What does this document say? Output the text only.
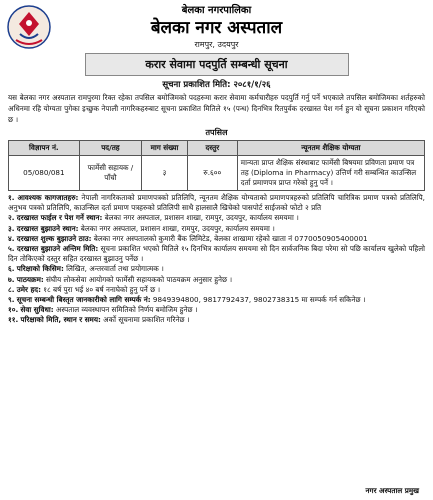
बेलका नगरपालिका
बेलका नगर अस्पताल
रामपुर, उदयपुर
करार सेवामा पदपुर्ति सम्बन्धी सूचना
सूचना प्रकाशित मिति: २०८१/१/२६

यस बेलका नगर अस्पताल रामपुरमा रिक्त रहेका तपसिल बमोजिमको पदहरुमा करार सेवामा कर्मचारीहरु पदपुर्ति गर्नु पर्ने भएकाले तपसिल बमोजिमका शर्तहरुको अधिनमा रहि योग्यता पुगेका इच्छुक नेपाली नागरिकहरुबाट सूचना प्रकाशित मितिले १५ (पन्ध) दिनभित्र रितपुर्वक दरखास्त पेश गर्न हुन यो सूचना प्रकाशन गरिएको छ ।

तपसिल
विज्ञापन नं.	पद/तह	माग संख्या	दस्तुर	न्यूनतम शैक्षिक योग्यता
05/080/081	फार्मेसी सहायक /पाँचौ	३	रु.६००	मान्यता प्राप्त शैक्षिक संस्थाबाट फार्मेसी बिषयमा प्रविणता प्रमाण पत्र तह (Diploma in Pharmacy) उत्तिर्ण गरी सम्बन्धित काउन्सिल दर्ता प्रमाणपत्र प्राप्त गरेको हुनु पर्ने ।

१. आवश्यक कागजातहरु: नेपाली नागरिकताको प्रमाणपत्रको प्रतिलिपि, न्यूनतम शैक्षिक योग्यताको प्रमाणपत्रहरुको प्रतिलिपि चारित्रिक प्रमाण पत्रको प्रतिलिपि, अनुभव पत्रको प्रतिलिपि, काउन्सिल दर्ता प्रमाण पत्रहरुको प्रतिलिपी साथै हालसालै खिचेको पासपोर्ट साईजको फोटो २ प्रति

२. दरखास्त फाईल र पेश गर्ने स्थान: बेलका नगर अस्पताल, प्रशासन शाखा, रामपुर, उदयपुर, कार्यालय समयमा ।

३. दरखास्त बुझाउने स्थान: बेलका नगर अस्पताल, प्रशासन शाखा, रामपुर, उदयपुर, कार्यालय समयमा ।

४. दरखास्त शुल्क बुझाउने ठाउ: बेलका नगर अस्पतालको कुमारी बैंक लिमिटेड, बेलका शाखामा रहेको खाता नं 0770050905400001

५. दरखास्त बुझाउने अन्तिम मिति: सूचना प्रकाशित भएको मितिले १५ दिनभित्र कार्यालय समयमा सो दिन सार्वजनिक बिदा परेमा सो पछि कार्यालय खुलेको पहिलो दिन तोकिएको दस्तुर सहित दरखास्त बुझाउनु पर्नेछ ।

६. परिक्षाको किसिम: लिखित, अन्तरवार्ता तथा प्रयोगात्मक ।

७. पाठयक्रम: संघीय लोकसेवा आयोगको फार्मेसी सहायकको पाठयक्रम अनुसार हुनेछ ।

८. उमेर हद: १८ बर्ष पुरा भई ४० बर्ष ननाघेको हुनु पर्ने छ ।

९. सूचना सम्बन्धी बिस्तृत जानकारीको लागि सम्पर्क नं: 9849394800, 9817792437, 9802738315 मा सम्पर्क गर्न सकिनेछ ।

१०. सेवा सुविधा: अस्पताल व्यवस्थापन समितिको निर्णय बमोजिम हुनेछ ।

११. परिक्षाको मिति, स्थान र समय: अर्को सूचनामा प्रकाशित गरिनेछ ।

नगर अस्पताल प्रमुख
